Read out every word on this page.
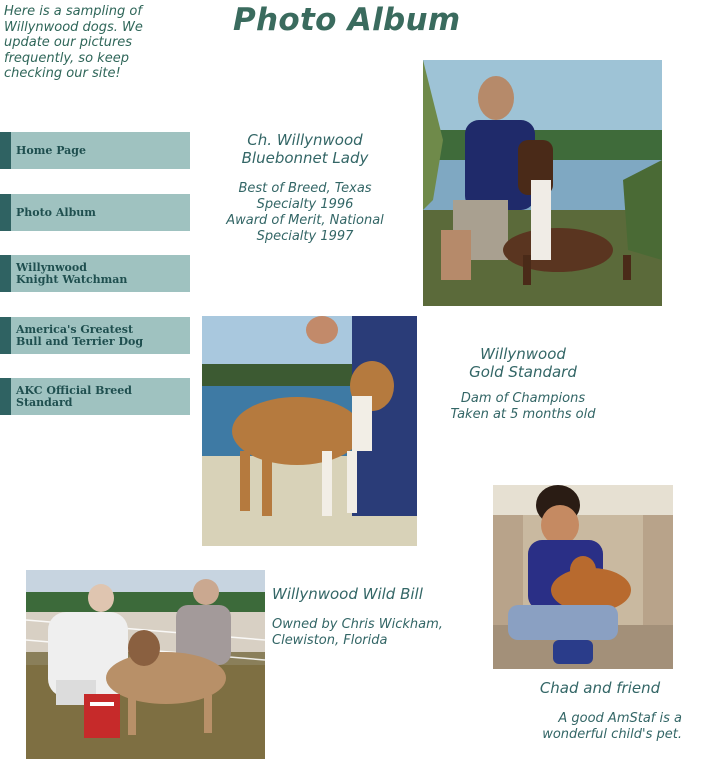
Here is a sampling of Willynwood dogs. We update our pictures frequently, so keep checking our site!
Photo Album
Home Page
Photo Album
Willynwood
Knight Watchman
America's Greatest
Bull and Terrier Dog
AKC Official Breed Standard
Ch. Willynwood
Bluebonnet Lady
Best of Breed, Texas
Specialty 1996
Award of Merit, National
Specialty 1997
Willynwood
Gold Standard
Dam of Champions
Taken at 5 months old
Chad and friend
A good AmStaf is a
wonderful child's pet.
Willynwood Wild Bill
Owned by Chris Wickham,
Clewiston, Florida
